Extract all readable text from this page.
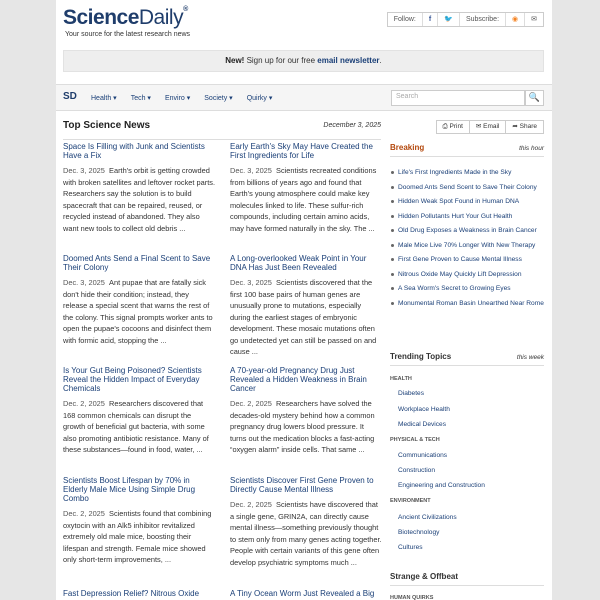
ScienceDaily®
Your source for the latest research news
Follow:	f	🐦	Subscribe:	◉	✉
New! Sign up for our free email newsletter.
SD Health ▾ Tech ▾ Enviro ▾ Society ▾ Quirky ▾	Search	🔍
Top Science News	December 3, 2025
Space Is Filling with Junk and Scientists Have a Fix
Dec. 3, 2025 Earth's orbit is getting crowded with broken satellites and leftover rocket parts. Researchers say the solution is to build spacecraft that can be repaired, reused, or recycled instead of abandoned. They also want new tools to collect old debris ...
Early Earth's Sky May Have Created the First Ingredients for Life
Dec. 3, 2025 Scientists recreated conditions from billions of years ago and found that Earth's young atmosphere could make key molecules linked to life. These sulfur-rich compounds, including certain amino acids, may have formed naturally in the sky. The ...
Doomed Ants Send a Final Scent to Save Their Colony
Dec. 3, 2025 Ant pupae that are fatally sick don't hide their condition; instead, they release a special scent that warns the rest of the colony. This signal prompts worker ants to open the pupae's cocoons and disinfect them with formic acid, stopping the ...
A Long-overlooked Weak Point in Your DNA Has Just Been Revealed
Dec. 3, 2025 Scientists discovered that the first 100 base pairs of human genes are unusually prone to mutations, especially during the earliest stages of embryonic development. These mosaic mutations often go undetected yet can still be passed on and cause ...
Is Your Gut Being Poisoned? Scientists Reveal the Hidden Impact of Everyday Chemicals
Dec. 2, 2025 Researchers discovered that 168 common chemicals can disrupt the growth of beneficial gut bacteria, with some also promoting antibiotic resistance. Many of these substances—found in food, water, ...
A 70-year-old Pregnancy Drug Just Revealed a Hidden Weakness in Brain Cancer
Dec. 2, 2025 Researchers have solved the decades-old mystery behind how a common pregnancy drug lowers blood pressure. It turns out the medication blocks a fast-acting “oxygen alarm” inside cells. That same ...
Scientists Boost Lifespan by 70% in Elderly Male Mice Using Simple Drug Combo
Dec. 2, 2025 Scientists found that combining oxytocin with an Alk5 inhibitor revitalized extremely old male mice, boosting their lifespan and strength. Female mice showed only short-term improvements, ...
Scientists Discover First Gene Proven to Directly Cause Mental Illness
Dec. 2, 2025 Scientists have discovered that a single gene, GRIN2A, can directly cause mental illness—something previously thought to stem only from many genes acting together. People with certain variants of this gene often develop psychiatric symptoms much ...
Fast Depression Relief? Nitrous Oxide	A Tiny Ocean Worm Just Revealed a Big
⎙ Print	✉ Email	➦ Share
Breaking	this hour
Life's First Ingredients Made in the Sky
Doomed Ants Send Scent to Save Their Colony
Hidden Weak Spot Found in Human DNA
Hidden Pollutants Hurt Your Gut Health
Old Drug Exposes a Weakness in Brain Cancer
Male Mice Live 70% Longer With New Therapy
First Gene Proven to Cause Mental Illness
Nitrous Oxide May Quickly Lift Depression
A Sea Worm's Secret to Growing Eyes
Monumental Roman Basin Unearthed Near Rome
Trending Topics	this week
HEALTH
Diabetes
Workplace Health
Medical Devices
PHYSICAL & TECH
Communications
Construction
Engineering and Construction
ENVIRONMENT
Ancient Civilizations
Biotechnology
Cultures
Strange & Offbeat
HUMAN QUIRKS
